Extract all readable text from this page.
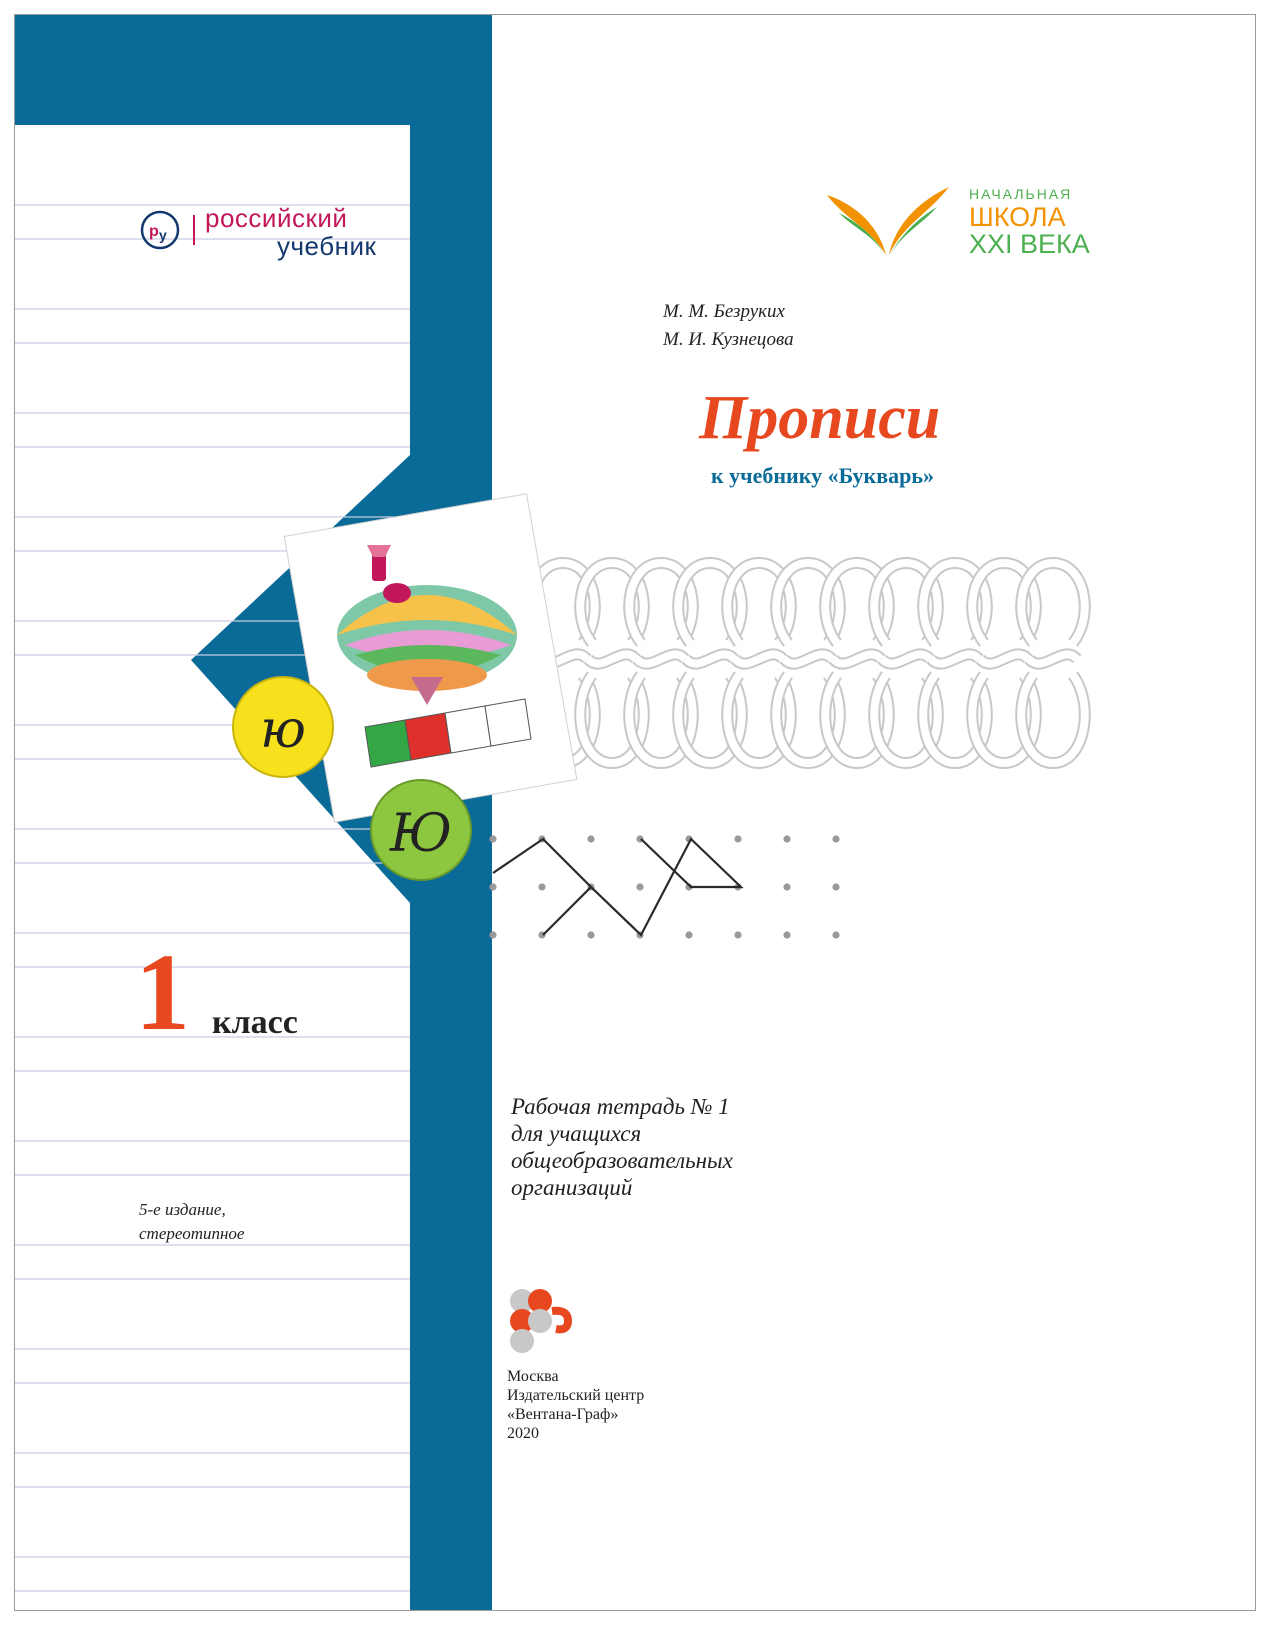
р у
российский
учебник
1 класс
5-е издание,
стереотипное
НАЧАЛЬНАЯ
ШКОЛА
XXI ВЕКА
М. М. Безруких
М. И. Кузнецова
Прописи
к учебнику «Букварь»
ю
Ю
Рабочая тетрадь № 1
для учащихся
общеобразовательных
организаций
Москва
Издательский центр
«Вентана-Граф»
2020
